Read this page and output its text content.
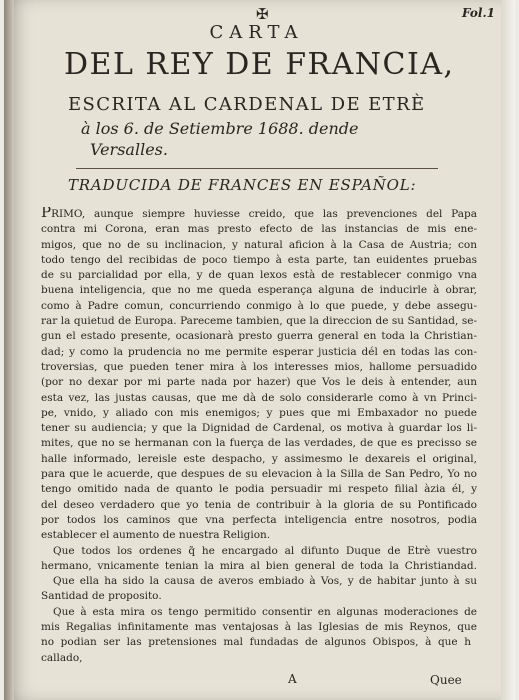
✠	Fol.1
CARTA
DEL REY DE FRANCIA,
ESCRITA AL CARDENAL DE ETRÈ
à los 6. de Setiembre 1688. dende
Versalles.
TRADUCIDA DE FRANCES EN ESPAÑOL:
PRIMO, aunque siempre huviesse creido, que las prevenciones del Papa
contra mi Corona, eran mas presto efecto de las instancias de mis ene-
migos, que no de su inclinacion, y natural aficion à la Casa de Austria; con
todo tengo del recibidas de poco tiempo à esta parte, tan euidentes pruebas
de su parcialidad por ella, y de quan lexos està de restablecer conmigo vna
buena inteligencia, que no me queda esperança alguna de inducirle à obrar,
como à Padre comun, concurriendo conmigo à lo que puede, y debe assegu-
rar la quietud de Europa. Pareceme tambien, que la direccion de su Santidad, se-
gun el estado presente, ocasionarà presto guerra general en toda la Christian-
dad; y como la prudencia no me permite esperar justicia dél en todas las con-
troversias, que pueden tener mira à los interesses mios, hallome persuadido
(por no dexar por mi parte nada por hazer) que Vos le deis à entender, aun
esta vez, las justas causas, que me dà de solo considerarle como à vn Princi-
pe, vnido, y aliado con mis enemigos; y pues que mi Embaxador no puede
tener su audiencia; y que la Dignidad de Cardenal, os motiva à guardar los li-
mites, que no se hermanan con la fuerça de las verdades, de que es precisso se
halle informado, lereisle este despacho, y assimesmo le dexareis el original,
para que le acuerde, que despues de su elevacion à la Silla de San Pedro, Yo no
tengo omitido nada de quanto le podia persuadir mi respeto filial àzia él, y
del deseo verdadero que yo tenia de contribuir à la gloria de su Pontificado
por todos los caminos que vna perfecta inteligencia entre nosotros, podia
establecer el aumento de nuestra Religion.
Que todos los ordenes q̃ he encargado al difunto Duque de Etrè vuestro
hermano, vnicamente tenian la mira al bien general de toda la Christiandad.
Que ella ha sido la causa de averos embiado à Vos, y de habitar junto à su
Santidad de proposito.
Que à esta mira os tengo permitido consentir en algunas moderaciones de
mis Regalias infinitamente mas ventajosas à las Iglesias de mis Reynos, que
no podian ser las pretensiones mal fundadas de algunos Obispos, à que h
callado,
A	Quee
